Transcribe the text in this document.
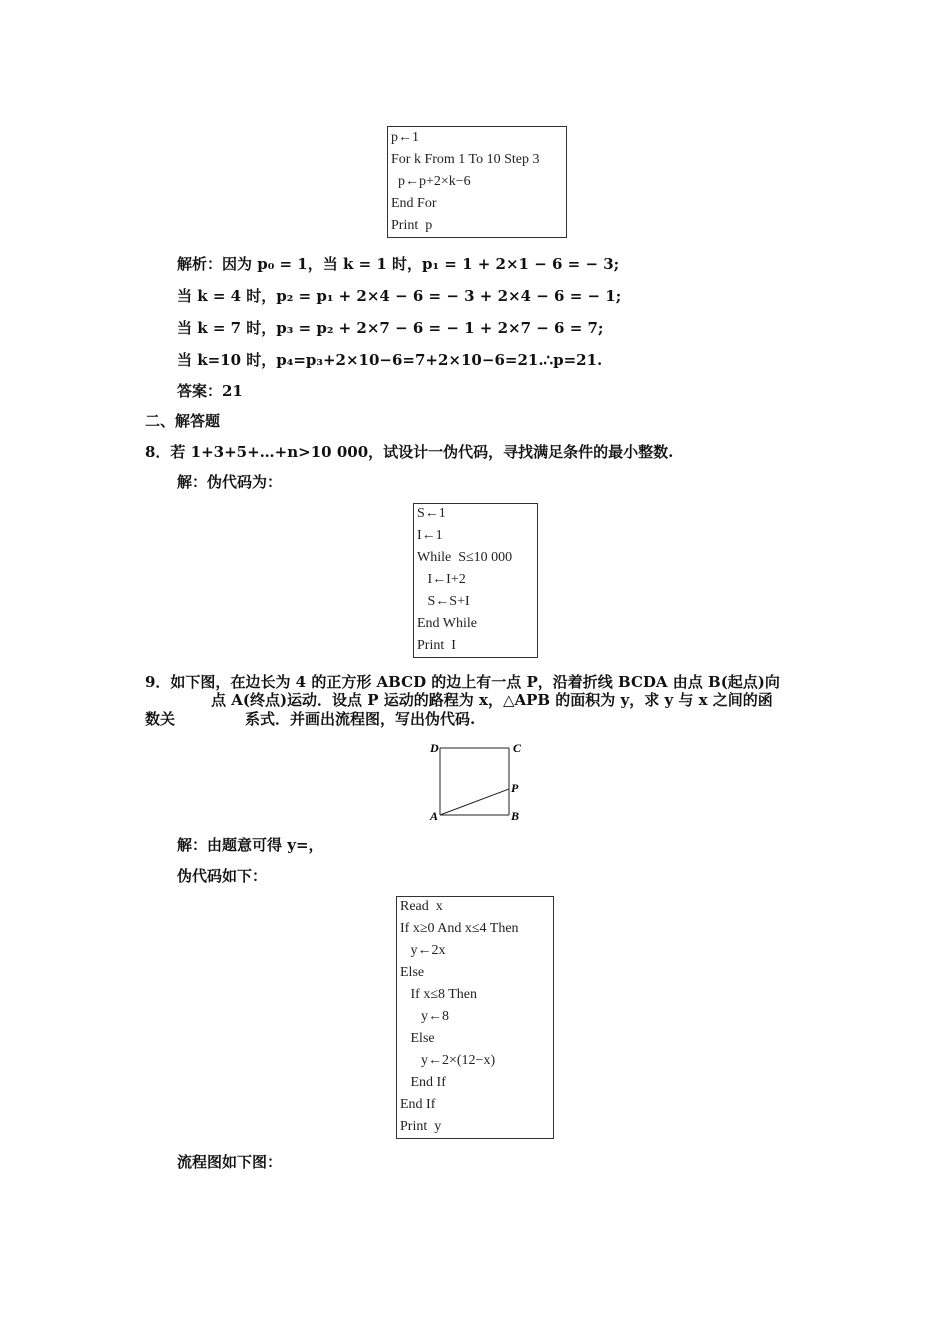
p←1
For k From 1 To 10 Step 3
p←p+2×k−6
End For
Print  p
解析：因为 p₀ = 1，当 k = 1 时，p₁ = 1 + 2×1 − 6 = − 3;
当 k = 4 时，p₂ = p₁ + 2×4 − 6 = − 3 + 2×4 − 6 = − 1;
当 k = 7 时，p₃ = p₂ + 2×7 − 6 = − 1 + 2×7 − 6 = 7;
当 k=10 时，p₄=p₃+2×10−6=7+2×10−6=21.∴p=21.
答案：21
二、解答题
8．若 1+3+5+…+n>10 000，试设计一伪代码，寻找满足条件的最小整数.
解：伪代码为：
S←1
I←1
While  S≤10 000
I←I+2
S←S+I
End While
Print  I
9．如下图，在边长为 4 的正方形 ABCD 的边上有一点 P，沿着折线 BCDA 由点 B(起点)向
点 A(终点)运动．设点 P 运动的路程为 x，△APB 的面积为 y，求 y 与 x 之间的函
数关	系式．并画出流程图，写出伪代码.
D	C
P
A	B
解：由题意可得 y=，
伪代码如下：
Read  x
If x≥0 And x≤4 Then
y←2x
Else
If x≤8 Then
y←8
Else
y←2×(12−x)
End If
End If
Print  y
流程图如下图：
